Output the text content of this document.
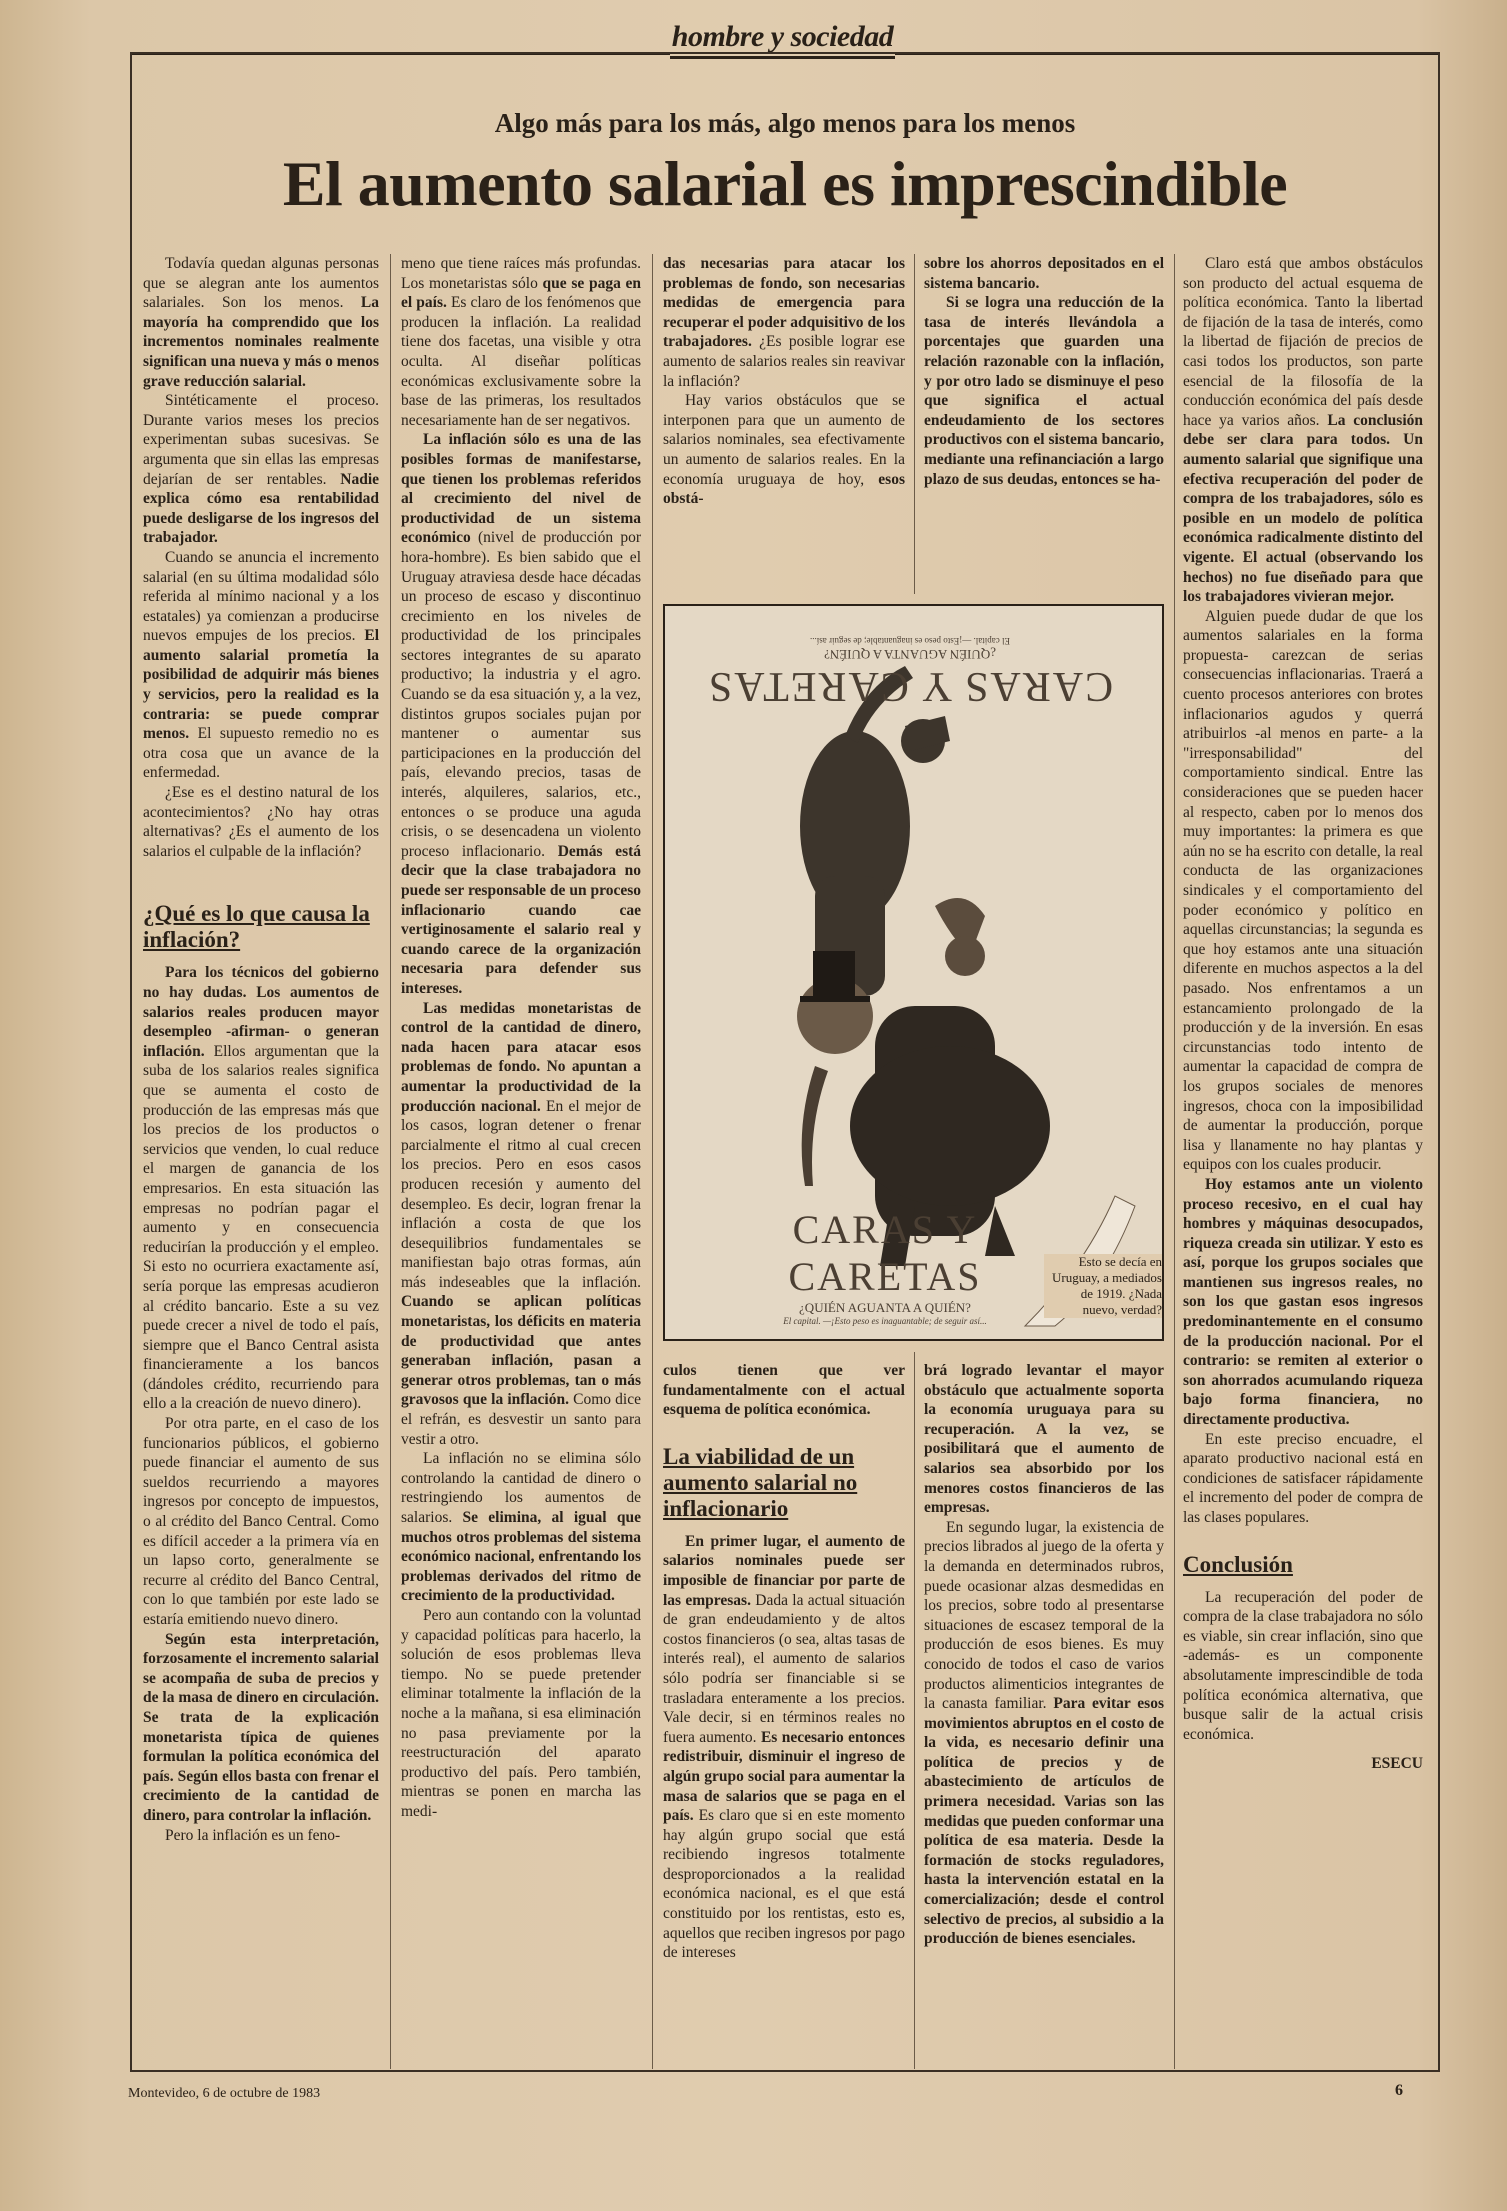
hombre y sociedad
Algo más para los más, algo menos para los menos
El aumento salarial es imprescindible

Todavía quedan algunas personas que se alegran ante los aumentos salariales. Son los menos. La mayoría ha comprendido que los incrementos nominales realmente significan una nueva y más o menos grave reducción salarial.

Sintéticamente el proceso. Durante varios meses los precios experimentan subas sucesivas. Se argumenta que sin ellas las empresas dejarían de ser rentables. Nadie explica cómo esa rentabilidad puede desligarse de los ingresos del trabajador.

Cuando se anuncia el incremento salarial (en su última modalidad sólo referida al mínimo nacional y a los estatales) ya comienzan a producirse nuevos empujes de los precios. El aumento salarial prometía la posibilidad de adquirir más bienes y servicios, pero la realidad es la contraria: se puede comprar menos. El supuesto remedio no es otra cosa que un avance de la enfermedad.

¿Ese es el destino natural de los acontecimientos? ¿No hay otras alternativas? ¿Es el aumento de los salarios el culpable de la inflación?

¿Qué es lo que causa la inflación?

Para los técnicos del gobierno no hay dudas. Los aumentos de salarios reales producen mayor desempleo -afirman- o generan inflación. Ellos argumentan que la suba de los salarios reales significa que se aumenta el costo de producción de las empresas más que los precios de los productos o servicios que venden, lo cual reduce el margen de ganancia de los empresarios. En esta situación las empresas no podrían pagar el aumento y en consecuencia reducirían la producción y el empleo. Si esto no ocurriera exactamente así, sería porque las empresas acudieron al crédito bancario. Este a su vez puede crecer a nivel de todo el país, siempre que el Banco Central asista financieramente a los bancos (dándoles crédito, recurriendo para ello a la creación de nuevo dinero).

Por otra parte, en el caso de los funcionarios públicos, el gobierno puede financiar el aumento de sus sueldos recurriendo a mayores ingresos por concepto de impuestos, o al crédito del Banco Central. Como es difícil acceder a la primera vía en un lapso corto, generalmente se recurre al crédito del Banco Central, con lo que también por este lado se estaría emitiendo nuevo dinero.

Según esta interpretación, forzosamente el incremento salarial se acompaña de suba de precios y de la masa de dinero en circulación. Se trata de la explicación monetarista típica de quienes formulan la política económica del país. Según ellos basta con frenar el crecimiento de la cantidad de dinero, para controlar la inflación.

Pero la inflación es un feno-

meno que tiene raíces más profundas. Los monetaristas sólo que se paga en el país. Es claro de los fenómenos que producen la inflación. La realidad tiene dos facetas, una visible y otra oculta. Al diseñar políticas económicas exclusivamente sobre la base de las primeras, los resultados necesariamente han de ser negativos.

La inflación sólo es una de las posibles formas de manifestarse, que tienen los problemas referidos al crecimiento del nivel de productividad de un sistema económico (nivel de producción por hora-hombre). Es bien sabido que el Uruguay atraviesa desde hace décadas un proceso de escaso y discontinuo crecimiento en los niveles de productividad de los principales sectores integrantes de su aparato productivo; la industria y el agro. Cuando se da esa situación y, a la vez, distintos grupos sociales pujan por mantener o aumentar sus participaciones en la producción del país, elevando precios, tasas de interés, alquileres, salarios, etc., entonces o se produce una aguda crisis, o se desencadena un violento proceso inflacionario. Demás está decir que la clase trabajadora no puede ser responsable de un proceso inflacionario cuando cae vertiginosamente el salario real y cuando carece de la organización necesaria para defender sus intereses.

Las medidas monetaristas de control de la cantidad de dinero, nada hacen para atacar esos problemas de fondo. No apuntan a aumentar la productividad de la producción nacional. En el mejor de los casos, logran detener o frenar parcialmente el ritmo al cual crecen los precios. Pero en esos casos producen recesión y aumento del desempleo. Es decir, logran frenar la inflación a costa de que los desequilibrios fundamentales se manifiestan bajo otras formas, aún más indeseables que la inflación. Cuando se aplican políticas monetaristas, los déficits en materia de productividad que antes generaban inflación, pasan a generar otros problemas, tan o más gravosos que la inflación. Como dice el refrán, es desvestir un santo para vestir a otro.

La inflación no se elimina sólo controlando la cantidad de dinero o restringiendo los aumentos de salarios. Se elimina, al igual que muchos otros problemas del sistema económico nacional, enfrentando los problemas derivados del ritmo de crecimiento de la productividad.

Pero aun contando con la voluntad y capacidad políticas para hacerlo, la solución de esos problemas lleva tiempo. No se puede pretender eliminar totalmente la inflación de la noche a la mañana, si esa eliminación no pasa previamente por la reestructuración del aparato productivo del país. Pero también, mientras se ponen en marcha las medi-

das necesarias para atacar los problemas de fondo, son necesarias medidas de emergencia para recuperar el poder adquisitivo de los trabajadores. ¿Es posible lograr ese aumento de salarios reales sin reavivar la inflación?

Hay varios obstáculos que se interponen para que un aumento de salarios nominales, sea efectivamente un aumento de salarios reales. En la economía uruguaya de hoy, esos obstá-

sobre los ahorros depositados en el sistema bancario.

Si se logra una reducción de la tasa de interés llevándola a porcentajes que guarden una relación razonable con la inflación, y por otro lado se disminuye el peso que significa el actual endeudamiento de los sectores productivos con el sistema bancario, mediante una refinanciación a largo plazo de sus deudas, entonces se ha-

CARAS Y CARETAS
¿QUIÉN AGUANTA A QUIÉN?
El capital. —¡Esto peso es inaguantable; de seguir así...
CARAS Y CARETAS
¿QUIÉN AGUANTA A QUIÉN?
El capital. —¡Esto peso es inaguantable; de seguir así...
Esto se decía en Uruguay, a mediados de 1919. ¿Nada nuevo, verdad?

culos tienen que ver fundamentalmente con el actual esquema de política económica.

La viabilidad de un aumento salarial no inflacionario

En primer lugar, el aumento de salarios nominales puede ser imposible de financiar por parte de las empresas. Dada la actual situación de gran endeudamiento y de altos costos financieros (o sea, altas tasas de interés real), el aumento de salarios sólo podría ser financiable si se trasladara enteramente a los precios. Vale decir, si en términos reales no fuera aumento. Es necesario entonces redistribuir, disminuir el ingreso de algún grupo social para aumentar la masa de salarios que se paga en el país. Es claro que si en este momento hay algún grupo social que está recibiendo ingresos totalmente desproporcionados a la realidad económica nacional, es el que está constituido por los rentistas, esto es, aquellos que reciben ingresos por pago de intereses

brá logrado levantar el mayor obstáculo que actualmente soporta la economía uruguaya para su recuperación. A la vez, se posibilitará que el aumento de salarios sea absorbido por los menores costos financieros de las empresas.

En segundo lugar, la existencia de precios librados al juego de la oferta y la demanda en determinados rubros, puede ocasionar alzas desmedidas en los precios, sobre todo al presentarse situaciones de escasez temporal de la producción de esos bienes. Es muy conocido de todos el caso de varios productos alimenticios integrantes de la canasta familiar. Para evitar esos movimientos abruptos en el costo de la vida, es necesario definir una política de precios y de abastecimiento de artículos de primera necesidad. Varias son las medidas que pueden conformar una política de esa materia. Desde la formación de stocks reguladores, hasta la intervención estatal en la comercialización; desde el control selectivo de precios, al subsidio a la producción de bienes esenciales.

Claro está que ambos obstáculos son producto del actual esquema de política económica. Tanto la libertad de fijación de la tasa de interés, como la libertad de fijación de precios de casi todos los productos, son parte esencial de la filosofía de la conducción económica del país desde hace ya varios años. La conclusión debe ser clara para todos. Un aumento salarial que signifique una efectiva recuperación del poder de compra de los trabajadores, sólo es posible en un modelo de política económica radicalmente distinto del vigente. El actual (observando los hechos) no fue diseñado para que los trabajadores vivieran mejor.

Alguien puede dudar de que los aumentos salariales en la forma propuesta- carezcan de serias consecuencias inflacionarias. Traerá a cuento procesos anteriores con brotes inflacionarios agudos y querrá atribuirlos -al menos en parte- a la "irresponsabilidad" del comportamiento sindical. Entre las consideraciones que se pueden hacer al respecto, caben por lo menos dos muy importantes: la primera es que aún no se ha escrito con detalle, la real conducta de las organizaciones sindicales y el comportamiento del poder económico y político en aquellas circunstancias; la segunda es que hoy estamos ante una situación diferente en muchos aspectos a la del pasado. Nos enfrentamos a un estancamiento prolongado de la producción y de la inversión. En esas circunstancias todo intento de aumentar la capacidad de compra de los grupos sociales de menores ingresos, choca con la imposibilidad de aumentar la producción, porque lisa y llanamente no hay plantas y equipos con los cuales producir.

Hoy estamos ante un violento proceso recesivo, en el cual hay hombres y máquinas desocupados, riqueza creada sin utilizar. Y esto es así, porque los grupos sociales que mantienen sus ingresos reales, no son los que gastan esos ingresos predominantemente en el consumo de la producción nacional. Por el contrario: se remiten al exterior o son ahorrados acumulando riqueza bajo forma financiera, no directamente productiva.

En este preciso encuadre, el aparato productivo nacional está en condiciones de satisfacer rápidamente el incremento del poder de compra de las clases populares.

Conclusión

La recuperación del poder de compra de la clase trabajadora no sólo es viable, sin crear inflación, sino que -además- es un componente absolutamente imprescindible de toda política económica alternativa, que busque salir de la actual crisis económica.

ESECU
Montevideo, 6 de octubre de 1983	6
